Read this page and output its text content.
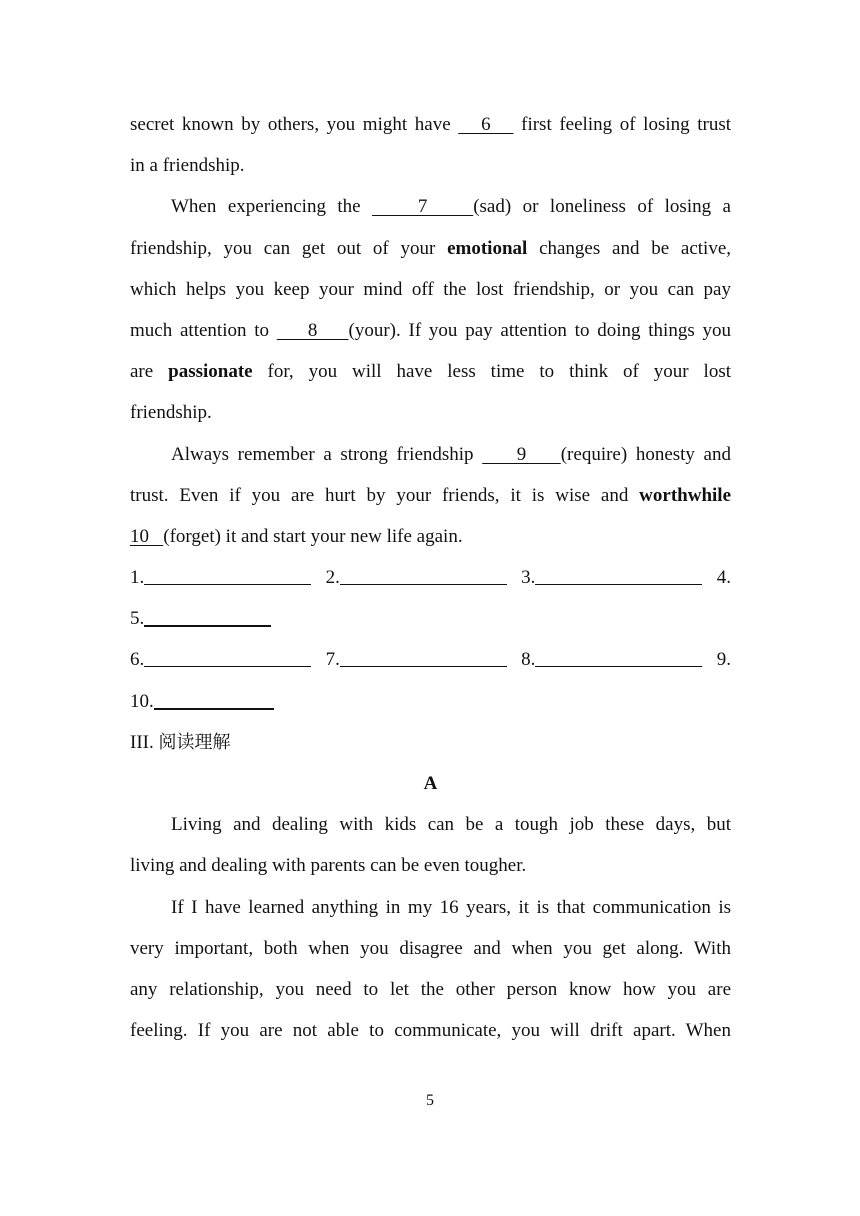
secret known by others, you might have    6    first feeling of losing trust
in a friendship.
When experiencing the     7    (sad) or loneliness of losing a
friendship, you can get out of your emotional changes and be active,
which helps you keep your mind off the lost friendship, or you can pay
much attention to     8    (your). If you pay attention to doing things you
are passionate for, you will have less time to think of your lost
friendship.
Always remember a strong friendship     9    (require) honesty and
trust. Even if you are hurt by your friends, it is wise and worthwhile
10   (forget) it and start your new life again.
1.	2.	3.	4.
5.
6.	7.	8.	9.
10.
III. 阅读理解
A
Living and dealing with kids can be a tough job these days, but
living and dealing with parents can be even tougher.
If I have learned anything in my 16 years, it is that communication is
very important, both when you disagree and when you get along. With
any relationship, you need to let the other person know how you are
feeling. If you are not able to communicate, you will drift apart. When
5
